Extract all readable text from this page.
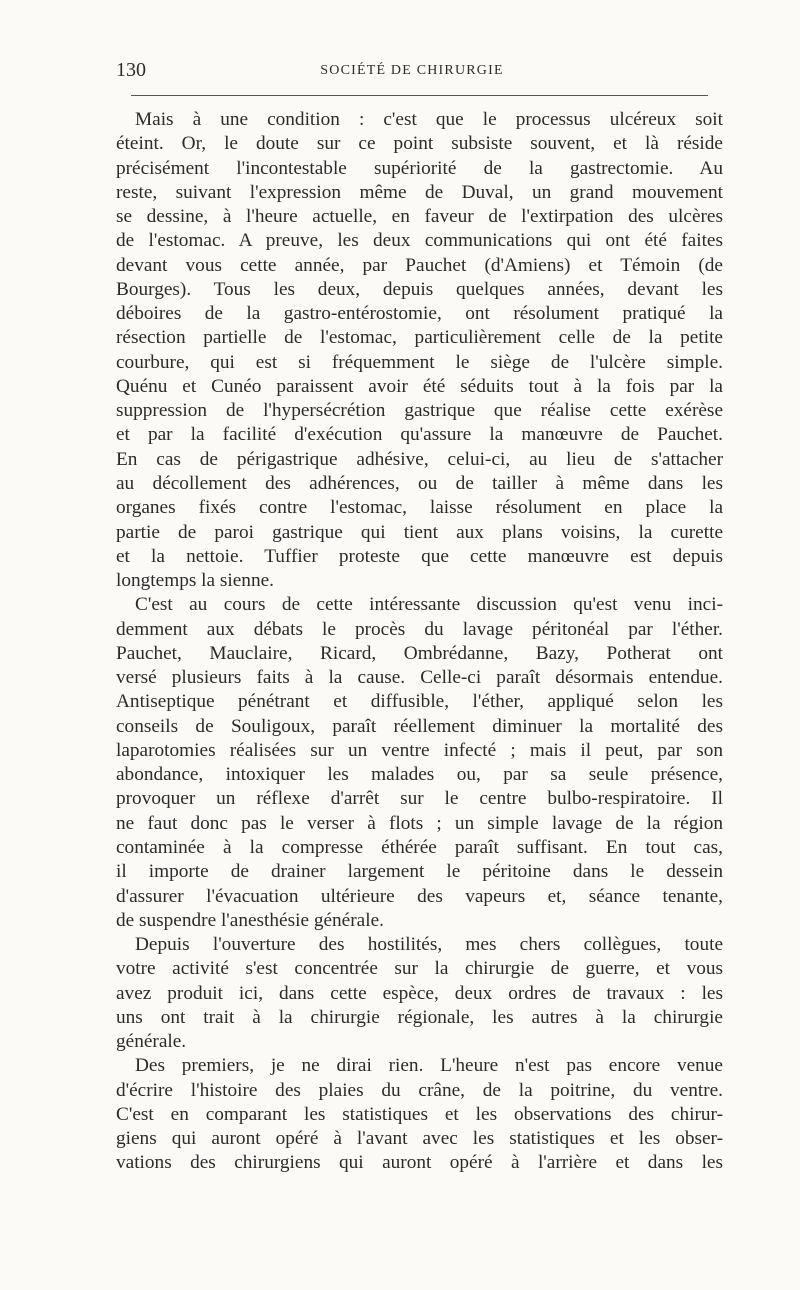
130	SOCIÉTÉ DE CHIRURGIE
Mais à une condition : c'est que le processus ulcéreux soit
éteint. Or, le doute sur ce point subsiste souvent, et là réside
précisément l'incontestable supériorité de la gastrectomie. Au
reste, suivant l'expression même de Duval, un grand mouvement
se dessine, à l'heure actuelle, en faveur de l'extirpation des ulcères
de l'estomac. A preuve, les deux communications qui ont été faites
devant vous cette année, par Pauchet (d'Amiens) et Témoin (de
Bourges). Tous les deux, depuis quelques années, devant les
déboires de la gastro-entérostomie, ont résolument pratiqué la
résection partielle de l'estomac, particulièrement celle de la petite
courbure, qui est si fréquemment le siège de l'ulcère simple.
Quénu et Cunéo paraissent avoir été séduits tout à la fois par la
suppression de l'hypersécrétion gastrique que réalise cette exérèse
et par la facilité d'exécution qu'assure la manœuvre de Pauchet.
En cas de périgastrique adhésive, celui-ci, au lieu de s'attacher
au décollement des adhérences, ou de tailler à même dans les
organes fixés contre l'estomac, laisse résolument en place la
partie de paroi gastrique qui tient aux plans voisins, la curette
et la nettoie. Tuffier proteste que cette manœuvre est depuis
longtemps la sienne.
C'est au cours de cette intéressante discussion qu'est venu inci-
demment aux débats le procès du lavage péritonéal par l'éther.
Pauchet, Mauclaire, Ricard, Ombrédanne, Bazy, Potherat ont
versé plusieurs faits à la cause. Celle-ci paraît désormais entendue.
Antiseptique pénétrant et diffusible, l'éther, appliqué selon les
conseils de Souligoux, paraît réellement diminuer la mortalité des
laparotomies réalisées sur un ventre infecté ; mais il peut, par son
abondance, intoxiquer les malades ou, par sa seule présence,
provoquer un réflexe d'arrêt sur le centre bulbo-respiratoire. Il
ne faut donc pas le verser à flots ; un simple lavage de la région
contaminée à la compresse éthérée paraît suffisant. En tout cas,
il importe de drainer largement le péritoine dans le dessein
d'assurer l'évacuation ultérieure des vapeurs et, séance tenante,
de suspendre l'anesthésie générale.
Depuis l'ouverture des hostilités, mes chers collègues, toute
votre activité s'est concentrée sur la chirurgie de guerre, et vous
avez produit ici, dans cette espèce, deux ordres de travaux : les
uns ont trait à la chirurgie régionale, les autres à la chirurgie
générale.
Des premiers, je ne dirai rien. L'heure n'est pas encore venue
d'écrire l'histoire des plaies du crâne, de la poitrine, du ventre.
C'est en comparant les statistiques et les observations des chirur-
giens qui auront opéré à l'avant avec les statistiques et les obser-
vations des chirurgiens qui auront opéré à l'arrière et dans les
